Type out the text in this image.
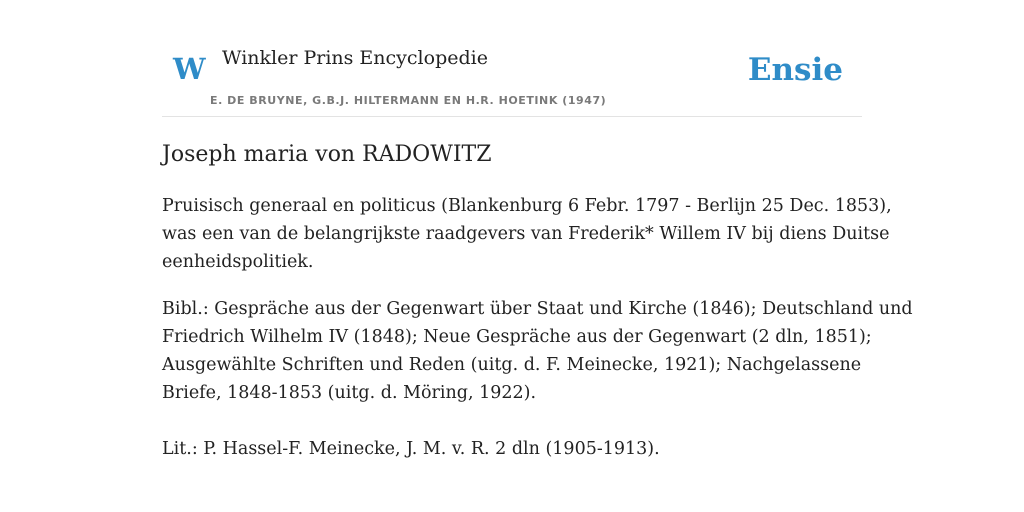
W Winkler Prins Encyclopedie
E. DE BRUYNE, G.B.J. HILTERMANN EN H.R. HOETINK (1947)
Ensie
Joseph maria von RADOWITZ

Pruisisch generaal en politicus (Blankenburg 6 Febr. 1797 - Berlijn 25 Dec. 1853),
was een van de belangrijkste raadgevers van Frederik* Willem IV bij diens Duitse
eenheidspolitiek.

Bibl.: Gespräche aus der Gegenwart über Staat und Kirche (1846); Deutschland und
Friedrich Wilhelm IV (1848); Neue Gespräche aus der Gegenwart (2 dln, 1851);
Ausgewählte Schriften und Reden (uitg. d. F. Meinecke, 1921); Nachgelassene
Briefe, 1848-1853 (uitg. d. Möring, 1922).

Lit.: P. Hassel-F. Meinecke, J. M. v. R. 2 dln (1905-1913).
